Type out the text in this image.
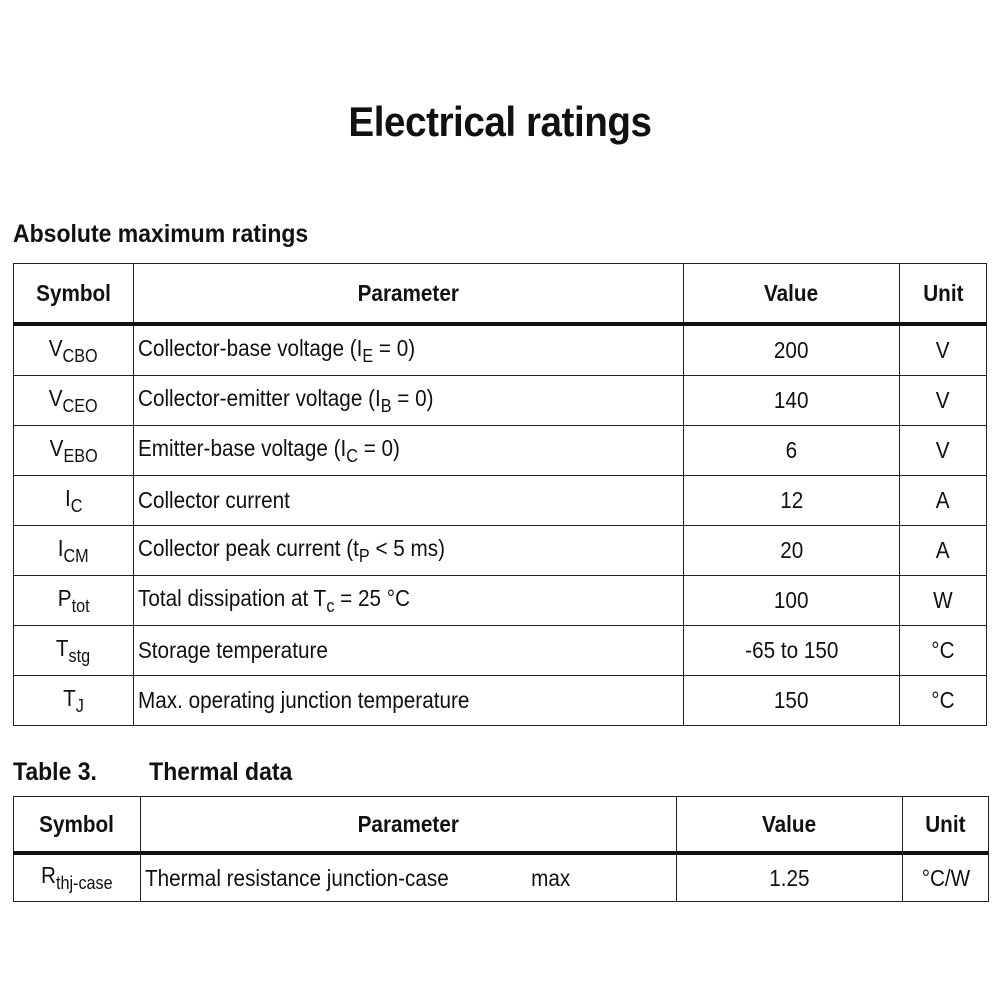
Electrical ratings
Absolute maximum ratings
Symbol	Parameter	Value	Unit
$V_{CBO}$	Collector-base voltage $(I_E = 0)$	200	V
$V_{CEO}$	Collector-emitter voltage $(I_B = 0)$	140	V
$V_{EBO}$	Emitter-base voltage $(I_C = 0)$	6	V
$I_C$	Collector current	12	A
$I_{CM}$	Collector peak current ($t_P < 5$ ms)	20	A
$P_{tot}$	Total dissipation at $T_c = 25$ °C	100	W
$T_{stg}$	Storage temperature	-65 to 150	°C
$T_J$	Max. operating junction temperature	150	°C
Table 3. Thermal data
Symbol	Parameter	Value	Unit
$R_{thj-case}$	Thermal resistance junction-case max	1.25	°C/W
